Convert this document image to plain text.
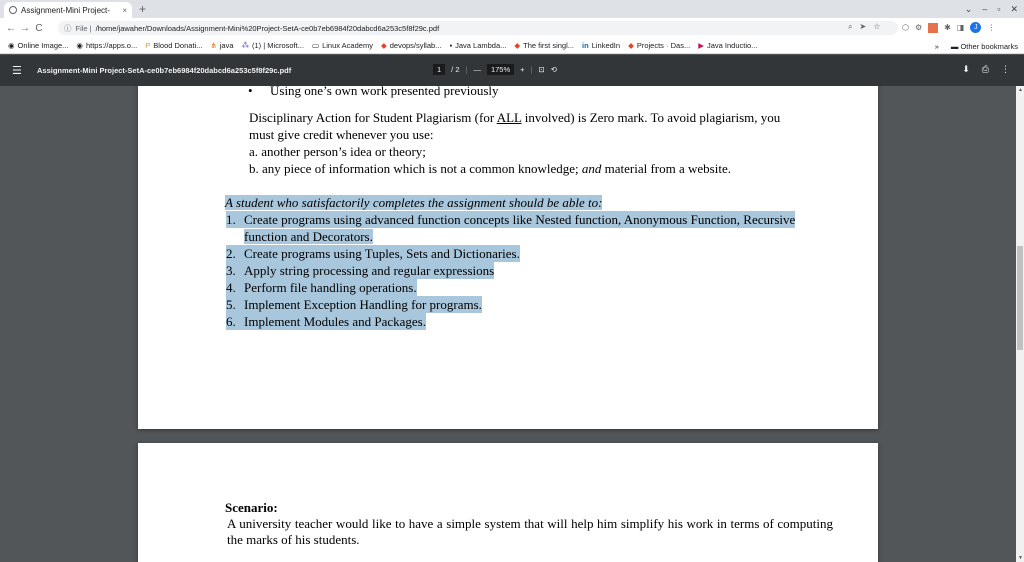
Assignment-Mini Project-	× +	⌄ – ▫ ✕
← → C	ⓘ File | /home/jawaher/Downloads/Assignment-Mini%20Project-SetA-ce0b7eb6984f20dabcd6a253c5f8f29c.pdf	⌕ ➤ ☆	⬡ ⚙	✱ ◨	J	⋮
◉ Online Image... ◉ https://apps.o... P Blood Donati... ⋔ java ⁂ (1) | Microsoft... ▭ Linux Academy ◆ devops/syllab... ▪ Java Lambda... ◆ The first singl... in LinkedIn ◆ Projects · Das... ▶ Java Inductio...	» ▬ Other bookmarks
☰ Assignment-Mini Project-SetA-ce0b7eb6984f20dabcd6a253c5f8f29c.pdf	1	/ 2 | —	175%	+ | ⊡ ⟲	⬇ ⎙ ⋮
• Using one’s own work presented previously
Disciplinary Action for Student Plagiarism (for ALL involved) is Zero mark. To avoid plagiarism, you
must give credit whenever you use:
a. another person’s idea or theory;
b. any piece of information which is not a common knowledge; and material from a website.
A student who satisfactorily completes the assignment should be able to:
1. Create programs using advanced function concepts like Nested function, Anonymous Function, Recursive
function and Decorators.
2. Create programs using Tuples, Sets and Dictionaries.
3. Apply string processing and regular expressions
4. Perform file handling operations.
5. Implement Exception Handling for programs.
6. Implement Modules and Packages.
Scenario:
A university teacher would like to have a simple system that will help him simplify his work in terms of computing the marks of his students.
▲
▼
